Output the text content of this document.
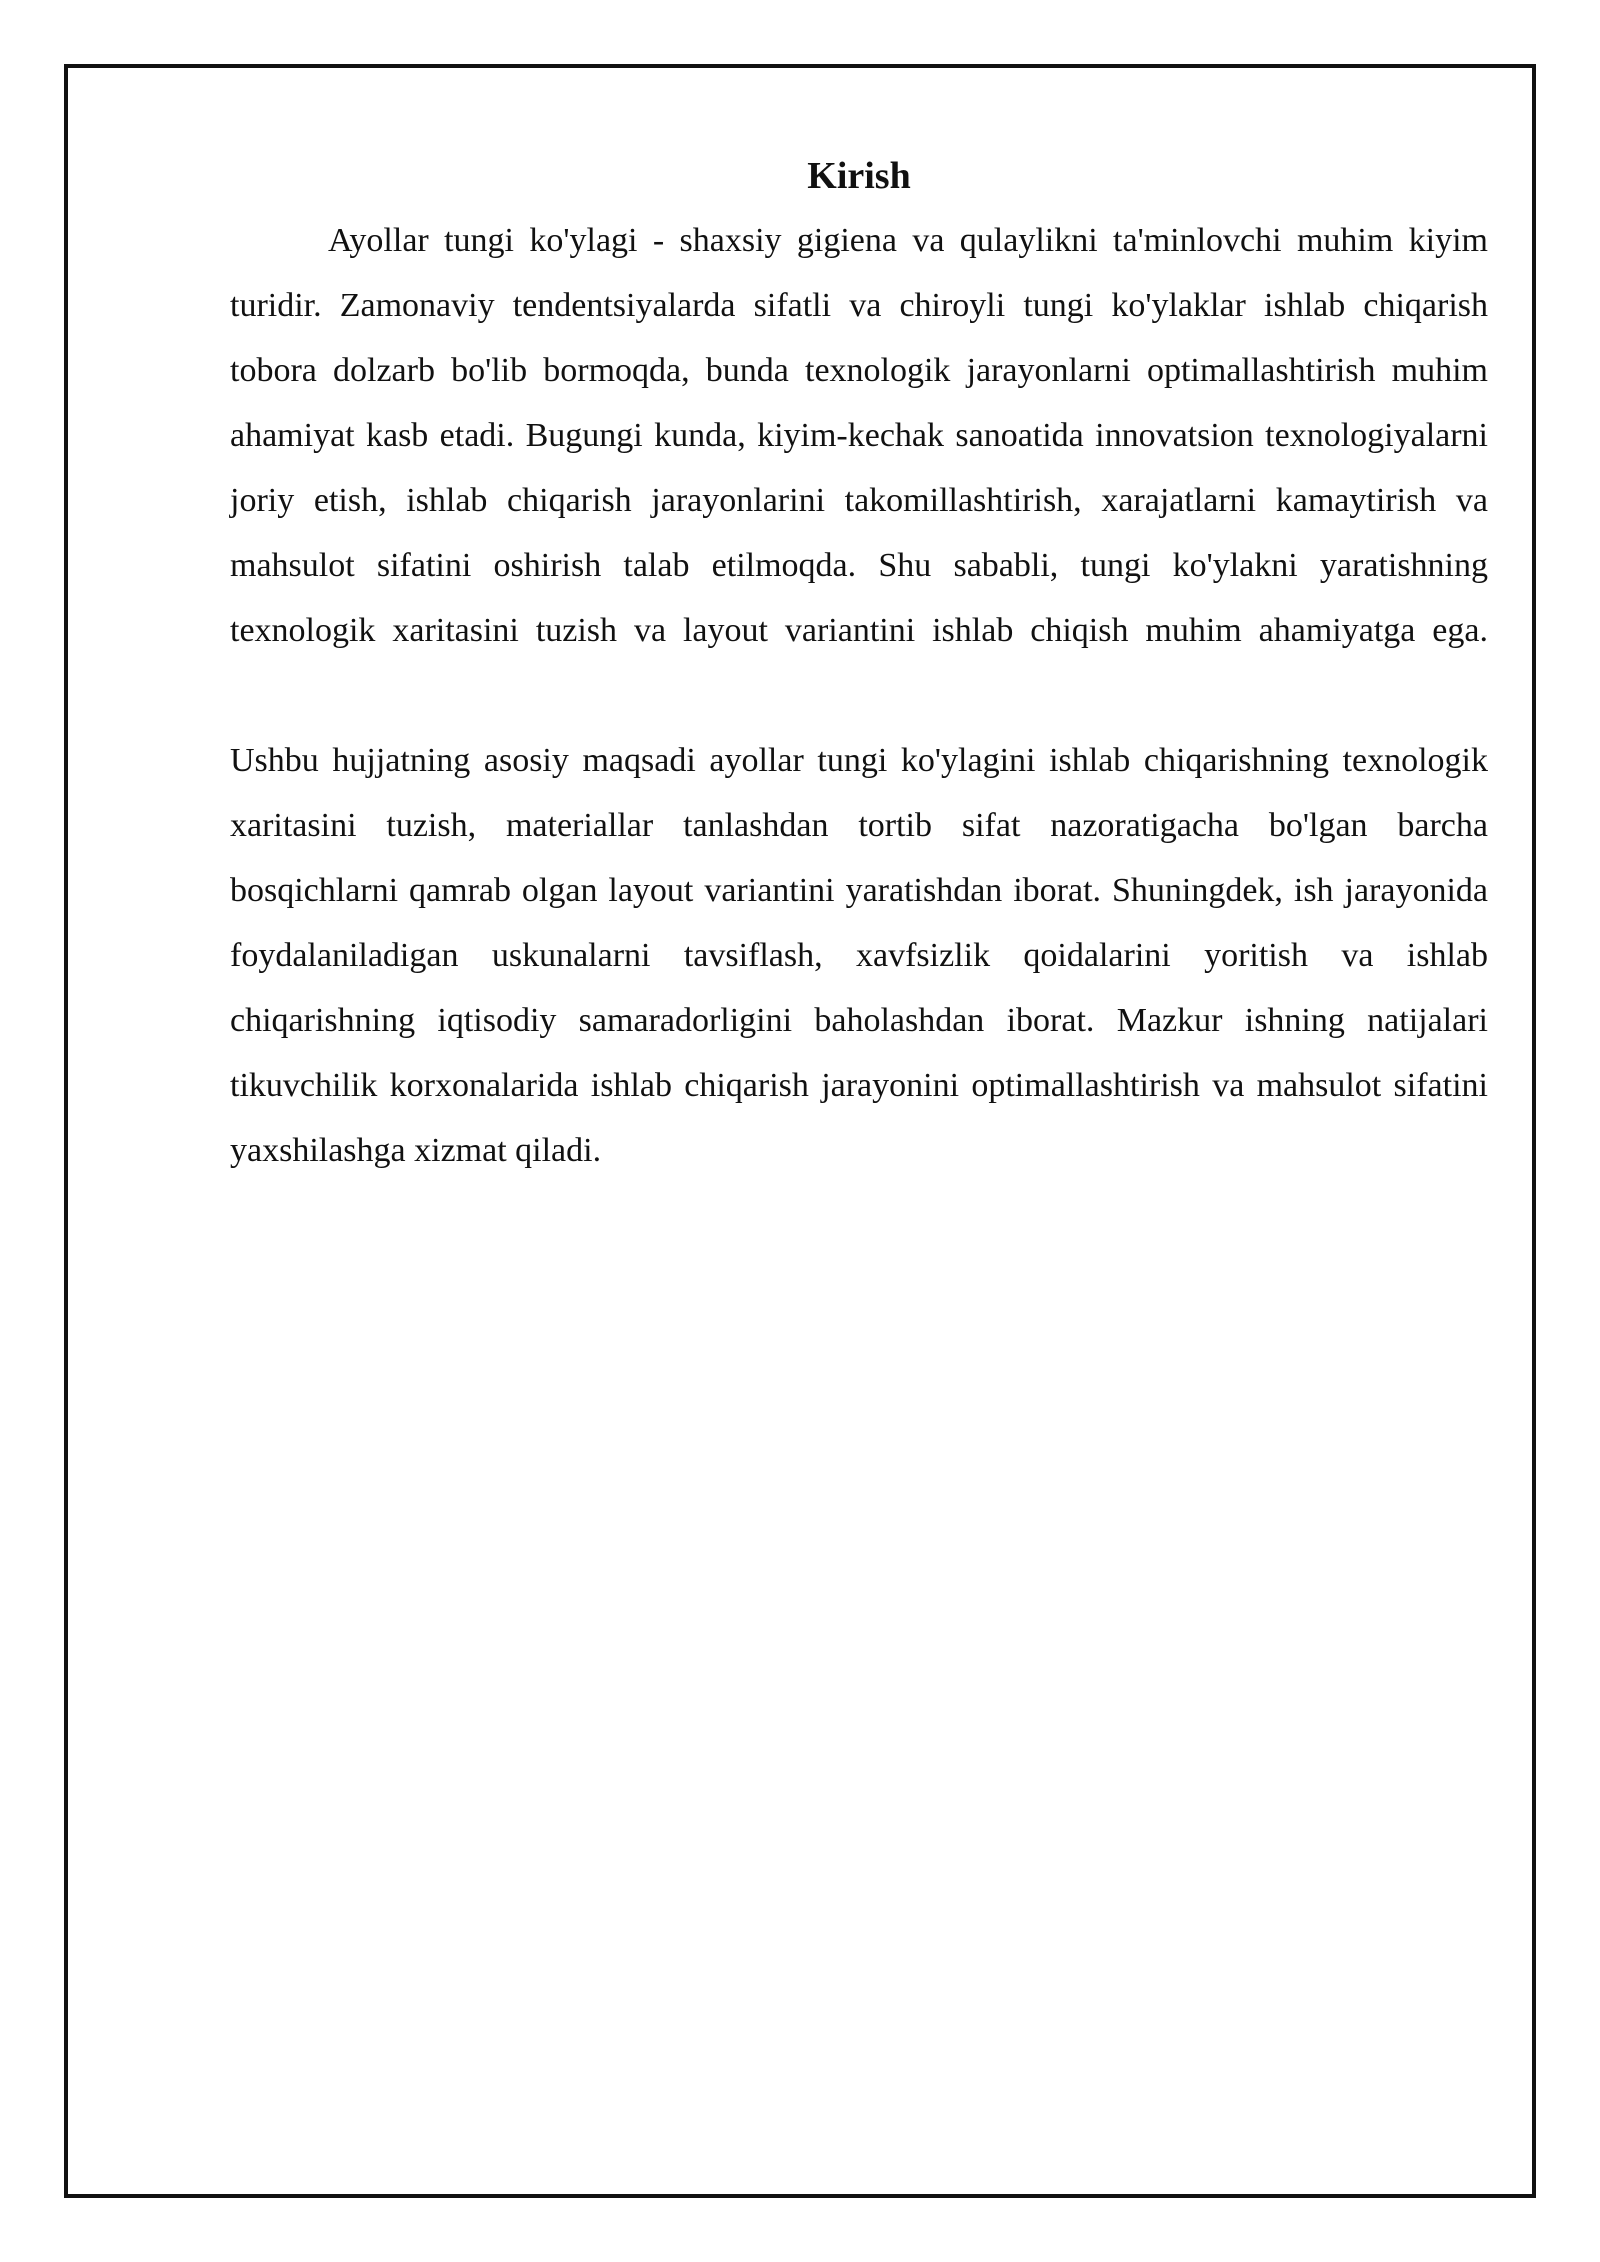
Kirish

Ayollar tungi ko'ylagi - shaxsiy gigiena va qulaylikni ta'minlovchi muhim kiyim turidir. Zamonaviy tendentsiyalarda sifatli va chiroyli tungi ko'ylaklar ishlab chiqarish tobora dolzarb bo'lib bormoqda, bunda texnologik jarayonlarni optimallashtirish muhim ahamiyat kasb etadi. Bugungi kunda, kiyim-kechak sanoatida innovatsion texnologiyalarni joriy etish, ishlab chiqarish jarayonlarini takomillashtirish, xarajatlarni kamaytirish va mahsulot sifatini oshirish talab etilmoqda. Shu sababli, tungi ko'ylakni yaratishning texnologik xaritasini tuzish va layout variantini ishlab chiqish muhim ahamiyatga ega.

Ushbu hujjatning asosiy maqsadi ayollar tungi ko'ylagini ishlab chiqarishning texnologik xaritasini tuzish, materiallar tanlashdan tortib sifat nazoratigacha bo'lgan barcha bosqichlarni qamrab olgan layout variantini yaratishdan iborat. Shuningdek, ish jarayonida foydalaniladigan uskunalarni tavsiflash, xavfsizlik qoidalarini yoritish va ishlab chiqarishning iqtisodiy samaradorligini baholashdan iborat. Mazkur ishning natijalari tikuvchilik korxonalarida ishlab chiqarish jarayonini optimallashtirish va mahsulot sifatini yaxshilashga xizmat qiladi.
